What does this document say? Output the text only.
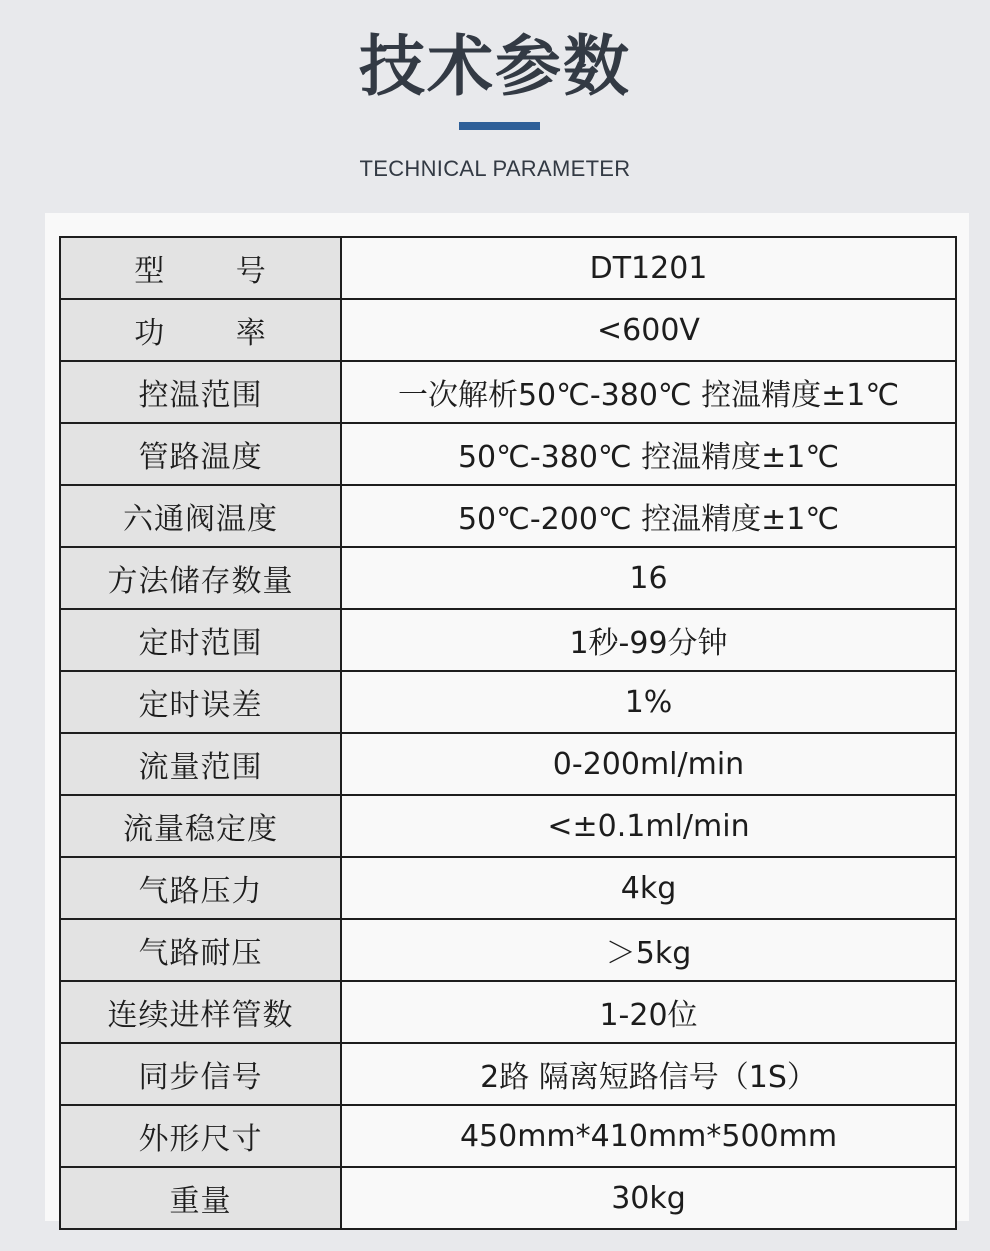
技术参数
TECHNICAL PARAMETER
型 号	DT1201
功 率	<600V
控温范围	一次解析50℃-380℃ 控温精度±1℃
管路温度	50℃-380℃ 控温精度±1℃
六通阀温度	50℃-200℃ 控温精度±1℃
方法储存数量	16
定时范围	1秒-99分钟
定时误差	1%
流量范围	0-200ml/min
流量稳定度	<±0.1ml/min
气路压力	4kg
气路耐压	＞5kg
连续进样管数	1-20位
同步信号	2路 隔离短路信号（1S）
外形尺寸	450mm*410mm*500mm
重量	30kg
